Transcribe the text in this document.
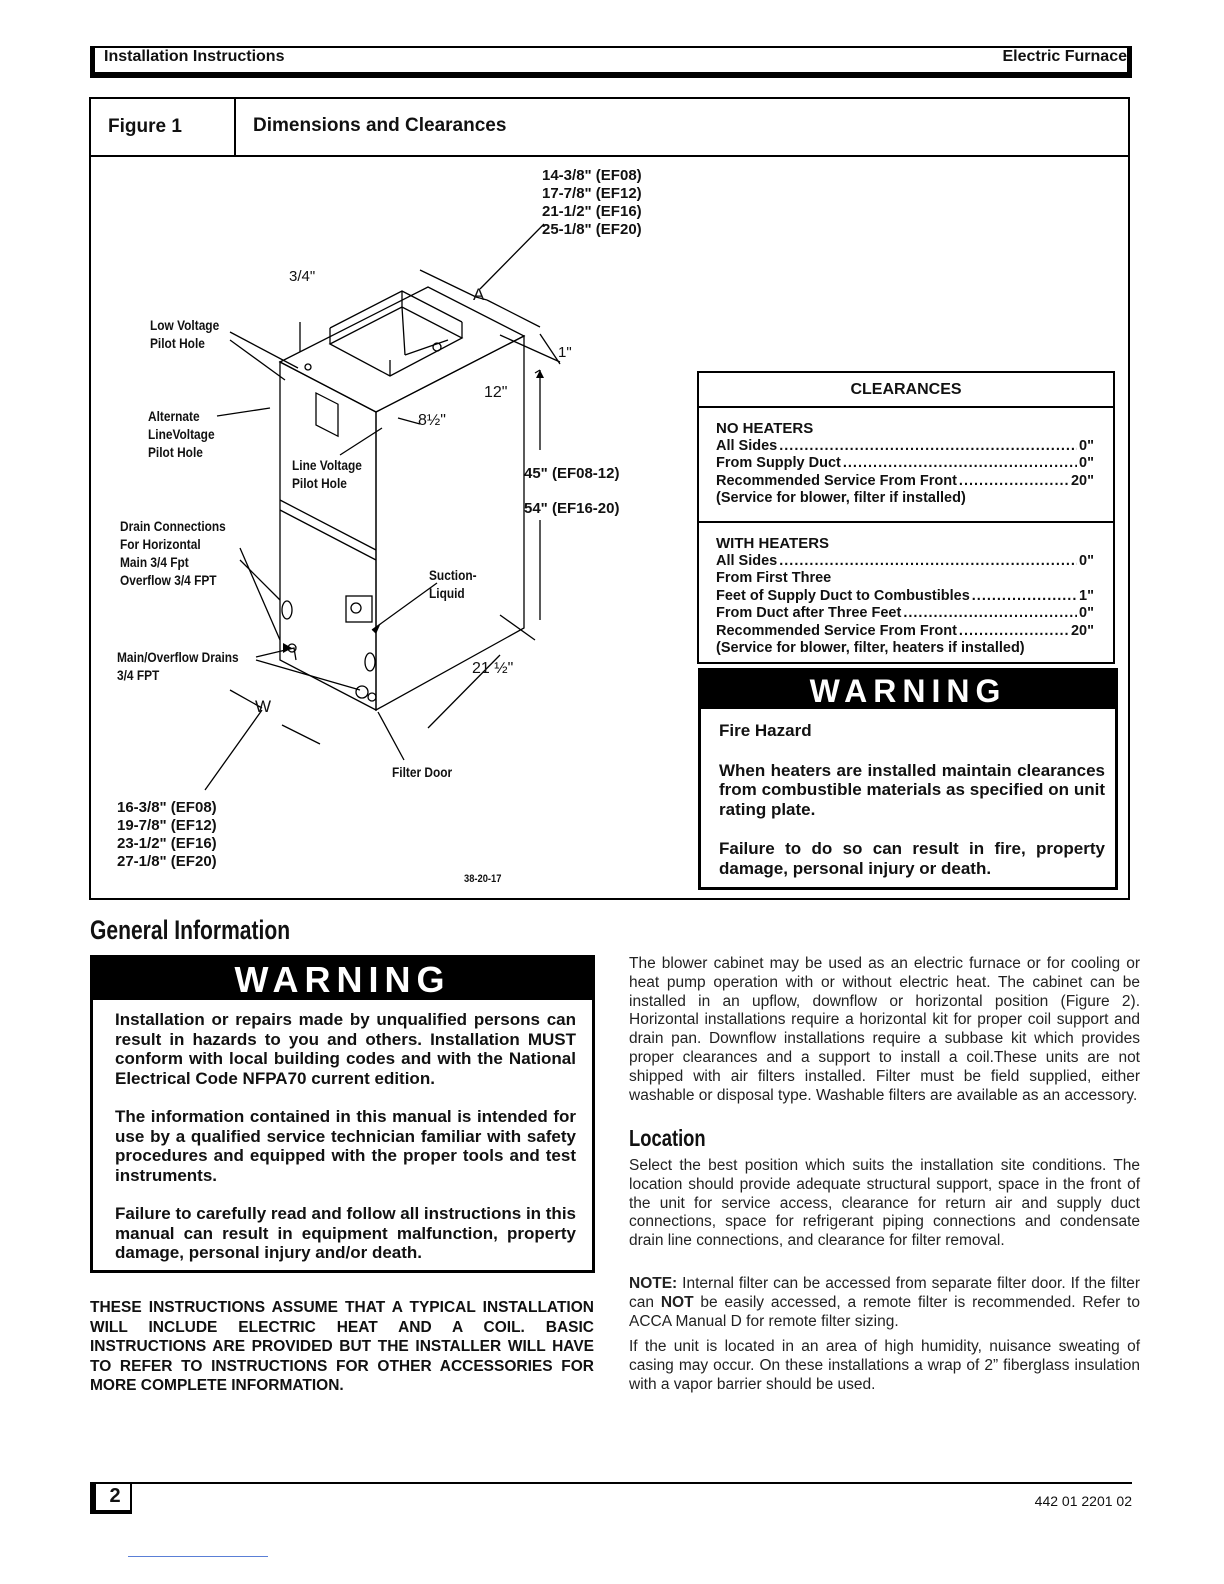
Installation Instructions	Electric Furnace
Figure 1	Dimensions and Clearances
14-3/8" (EF08)
17-7/8" (EF12)
21-1/2" (EF16)
25-1/8" (EF20)
A
3/4"
1"
12"
8½"
45" (EF08-12)
54" (EF16-20)
21 ½"
W
Low Voltage
Pilot Hole
Alternate
LineVoltage
Pilot Hole
Line Voltage
Pilot Hole
Drain Connections
For Horizontal
Main 3/4 Fpt
Overflow 3/4 FPT	Suction-
Liquid
Main/Overflow Drains
3/4 FPT
Filter Door
16-3/8" (EF08)
19-7/8" (EF12)
23-1/2" (EF16)
27-1/8" (EF20)
38-20-17
CLEARANCES
NO HEATERS
All Sides .....	0"
From Supply Duct .....	0"
Recommended Service From Front .....	20"
(Service for blower, filter if installed)
WITH HEATERS
All Sides .....	0"
From First Three
Feet of Supply Duct to Combustibles .....	1"
From Duct after Three Feet .....	0"
Recommended Service From Front .....	20"
(Service for blower, filter, heaters if installed)
WARNING
Fire Hazard
When heaters are installed maintain clearances from combustible materials as specified on unit rating plate.
Failure to do so can result in fire, property damage, personal injury or death.
General Information
WARNING
Installation or repairs made by unqualified persons can result in hazards to you and others. Installation MUST conform with local building codes and with the National Electrical Code NFPA70 current edition.
The information contained in this manual is intended for use by a qualified service technician familiar with safety procedures and equipped with the proper tools and test instruments.
Failure to carefully read and follow all instructions in this manual can result in equipment malfunction, property damage, personal injury and/or death.
THESE INSTRUCTIONS ASSUME THAT A TYPICAL INSTALLATION WILL INCLUDE ELECTRIC HEAT AND A COIL. BASIC INSTRUCTIONS ARE PROVIDED BUT THE INSTALLER WILL HAVE TO REFER TO INSTRUCTIONS FOR OTHER ACCESSORIES FOR MORE COMPLETE INFORMATION.
The blower cabinet may be used as an electric furnace or for cooling or heat pump operation with or without electric heat. The cabinet can be installed in an upflow, downflow or horizontal position (Figure 2). Horizontal installations require a horizontal kit for proper coil support and drain pan. Downflow installations require a subbase kit which provides proper clearances and a support to install a coil.These units are not shipped with air filters installed. Filter must be field supplied, either washable or disposal type. Washable filters are available as an accessory.
Location
Select the best position which suits the installation site conditions. The location should provide adequate structural support, space in the front of the unit for service access, clearance for return air and supply duct connections, space for refrigerant piping connections and condensate drain line connections, and clearance for filter removal.
NOTE: Internal filter can be accessed from separate filter door. If the filter can NOT be easily accessed, a remote filter is recommended. Refer to ACCA Manual D for remote filter sizing.
If the unit is located in an area of high humidity, nuisance sweating of casing may occur. On these installations a wrap of 2” fiberglass insulation with a vapor barrier should be used.
2	442 01 2201 02
